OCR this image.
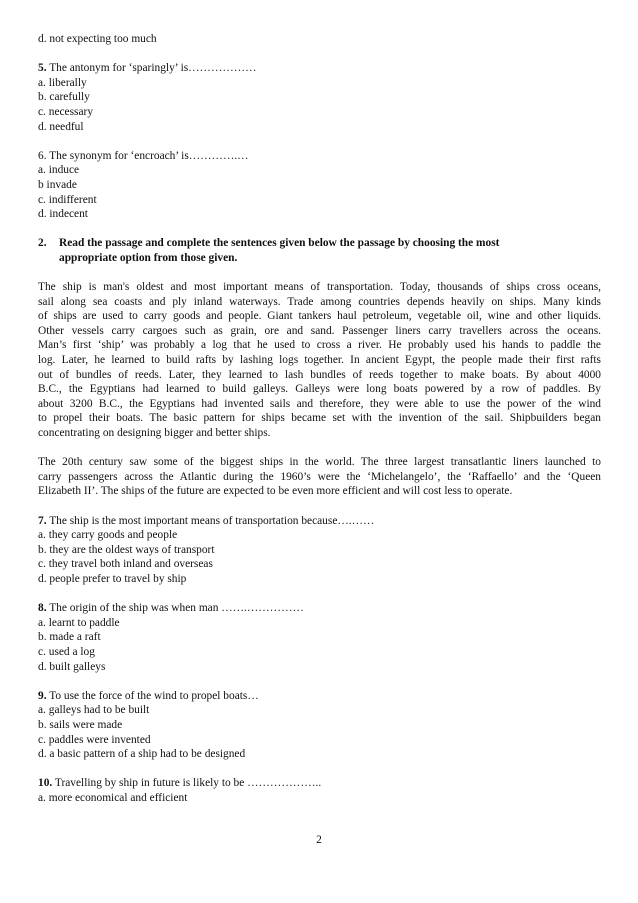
d. not expecting too much
5. The antonym for ‘sparingly’ is………………
a. liberally
b. carefully
c. necessary
d. needful
6. The synonym for ‘encroach’ is………….…
a. induce
b invade
c. indifferent
d. indecent
2. Read the passage and complete the sentences given below the passage by choosing the most
appropriate option from those given.
The ship is man's oldest and most important means of transportation. Today, thousands of ships cross oceans,
sail along sea coasts and ply inland waterways. Trade among countries depends heavily on ships. Many kinds
of ships are used to carry goods and people. Giant tankers haul petroleum, vegetable oil, wine and other liquids.
Other vessels carry cargoes such as grain, ore and sand. Passenger liners carry travellers across the oceans.
Man’s first ‘ship’ was probably a log that he used to cross a river. He probably used his hands to paddle the
log. Later, he learned to build rafts by lashing logs together. In ancient Egypt, the people made their first rafts
out of bundles of reeds. Later, they learned to lash bundles of reeds together to make boats. By about 4000
B.C., the Egyptians had learned to build galleys. Galleys were long boats powered by a row of paddles. By
about 3200 B.C., the Egyptians had invented sails and therefore, they were able to use the power of the wind
to propel their boats. The basic pattern for ships became set with the invention of the sail. Shipbuilders began
concentrating on designing bigger and better ships.
The 20th century saw some of the biggest ships in the world. The three largest transatlantic liners launched to
carry passengers across the Atlantic during the 1960’s were the ‘Michelangelo’, the ‘Raffaello’ and the ‘Queen
Elizabeth II’. The ships of the future are expected to be even more efficient and will cost less to operate.
7. The ship is the most important means of transportation because….……
a. they carry goods and people
b. they are the oldest ways of transport
c. they travel both inland and overseas
d. people prefer to travel by ship
8. The origin of the ship was when man …….……………
a. learnt to paddle
b. made a raft
c. used a log
d. built galleys
9. To use the force of the wind to propel boats…
a. galleys had to be built
b. sails were made
c. paddles were invented
d. a basic pattern of a ship had to be designed
10. Travelling by ship in future is likely to be ………………..
a. more economical and efficient
2
